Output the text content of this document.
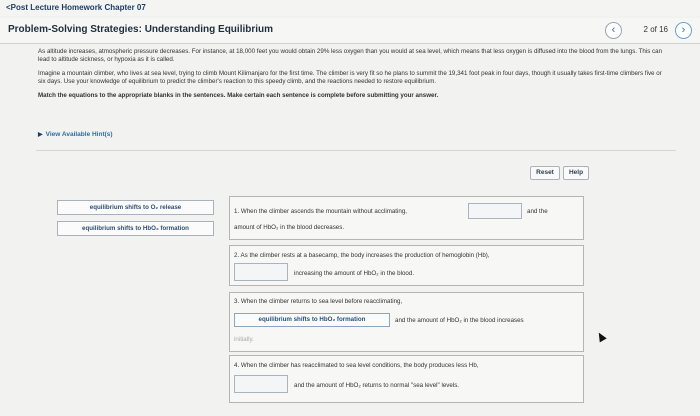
<Post Lecture Homework Chapter 07
Problem-Solving Strategies: Understanding Equilibrium	‹	2 of 16	›

As altitude increases, atmospheric pressure decreases. For instance, at 18,000 feet you would obtain 29% less oxygen than you would at sea level, which means that less oxygen is diffused into the blood from the lungs. This can lead to altitude sickness, or hypoxia as it is called.

Imagine a mountain climber, who lives at sea level, trying to climb Mount Kilimanjaro for the first time. The climber is very fit so he plans to summit the 19,341 foot peak in four days, though it usually takes first-time climbers five or six days. Use your knowledge of equilibrium to predict the climber's reaction to this speedy climb, and the reactions needed to restore equilibrium.

Match the equations to the appropriate blanks in the sentences. Make certain each sentence is complete before submitting your answer.

▶ View Available Hint(s)
Reset	Help
equilibrium shifts to O₂ release
equilibrium shifts to HbO₂ formation
1. When the climber ascends the mountain without acclimating,	and the
amount of HbO₂ in the blood decreases.
2. As the climber rests at a basecamp, the body increases the production of hemoglobin (Hb),
increasing the amount of HbO₂ in the blood.
3. When the climber returns to sea level before reacclimating,
equilibrium shifts to HbO₂ formation	and the amount of HbO₂ in the blood increases
initially.
4. When the climber has reacclimated to sea level conditions, the body produces less Hb,
and the amount of HbO₂ returns to normal "sea level" levels.
